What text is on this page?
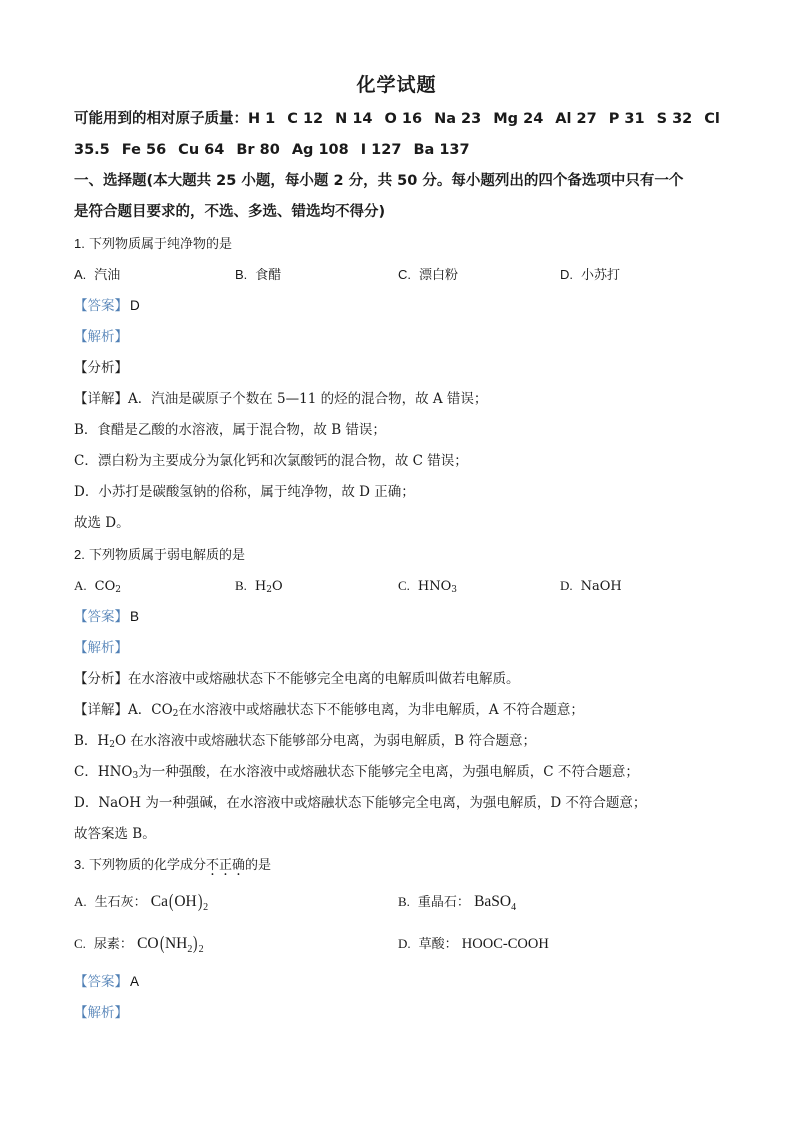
化学试题
可能用到的相对原子质量：H 1 C 12 N 14 O 16 Na 23 Mg 24 Al 27 P 31 S 32 Cl
35.5 Fe 56 Cu 64 Br 80 Ag 108 I 127 Ba 137
一、选择题(本大题共 25 小题，每小题 2 分，共 50 分。每小题列出的四个备选项中只有一个
是符合题目要求的，不选、多选、错选均不得分)
1. 下列物质属于纯净物的是
A. 汽油	B. 食醋	C. 漂白粉	D. 小苏打
【答案】 D
【解析】
【分析】
【详解】A．汽油是碳原子个数在 5—11 的烃的混合物，故 A 错误；
B．食醋是乙酸的水溶液，属于混合物，故 B 错误；
C．漂白粉为主要成分为氯化钙和次氯酸钙的混合物，故 C 错误；
D．小苏打是碳酸氢钠的俗称，属于纯净物，故 D 正确；
故选 D。
2. 下列物质属于弱电解质的是
A. $CO_2$	B. $H_2O$	C. $HNO_3$	D. NaOH
【答案】 B
【解析】
【分析】在水溶液中或熔融状态下不能够完全电离的电解质叫做若电解质。
【详解】A．$CO_2$在水溶液中或熔融状态下不能够电离，为非电解质，A 不符合题意；
B．$H_2O$ 在水溶液中或熔融状态下能够部分电离，为弱电解质，B 符合题意；
C．$HNO_3$为一种强酸，在水溶液中或熔融状态下能够完全电离，为强电解质，C 不符合题意；
D．NaOH 为一种强碱，在水溶液中或熔融状态下能够完全电离，为强电解质，D 不符合题意；
故答案选 B。
3. 下列物质的化学成分不正确的是
A. 生石灰： $Ca(OH)_2$	B. 重晶石： BaSO$_4$
C. 尿素： $CO(NH_2)_2$	D. 草酸： HOOC-COOH
【答案】 A
【解析】
